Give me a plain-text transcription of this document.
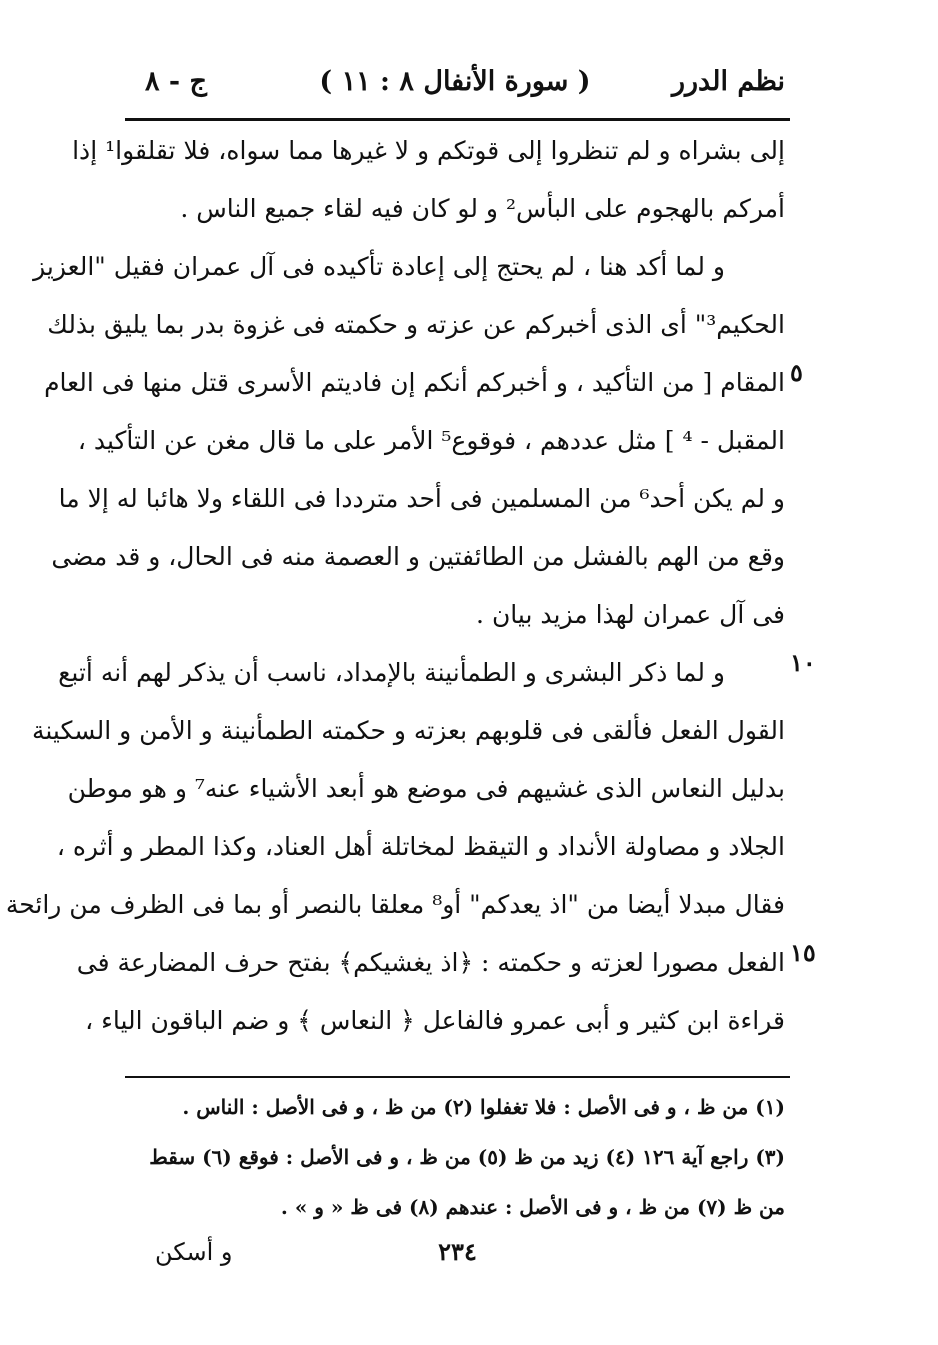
نظم الدرر
( سورة الأنفال ٨ : ١١ )
ج - ٨
إلى بشراه و لم تنظروا إلى قوتكم و لا غيرها مما سواه، فلا تقلقوا¹ إذا
أمركم بالهجوم على البأس² و لو كان فيه لقاء جميع الناس .
و لما أكد هنا ، لم يحتج إلى إعادة تأكيده فى آل عمران فقيل "العزيز
الحكيم³" أى الذى أخبركم عن عزته و حكمته فى غزوة بدر بما يليق بذلك
المقام [ من التأكيد ، و أخبركم أنكم إن فاديتم الأسرى قتل منها فى العام
المقبل - ⁴ ] مثل عددهم ، فوقوع⁵ الأمر على ما قال مغن عن التأكيد ،
و لم يكن أحد⁶ من المسلمين فى أحد مترددا فى اللقاء ولا هائبا له إلا ما
وقع من الهم بالفشل من الطائفتين و العصمة منه فى الحال، و قد مضى
فى آل عمران لهذا مزيد بيان .
و لما ذكر البشرى و الطمأنينة بالإمداد، ناسب أن يذكر لهم أنه أتبع
القول الفعل فألقى فى قلوبهم بعزته و حكمته الطمأنينة و الأمن و السكينة
بدليل النعاس الذى غشيهم فى موضع هو أبعد الأشياء عنه⁷ و هو موطن
الجلاد و مصاولة الأنداد و التيقظ لمخاتلة أهل العناد، وكذا المطر و أثره ،
فقال مبدلا أيضا من "اذ يعدكم" أو⁸ معلقا بالنصر أو بما فى الظرف من رائحة
الفعل مصورا لعزته و حكمته : ﴿اذ يغشيكم﴾ بفتح حرف المضارعة فى
قراءة ابن كثير و أبى عمرو فالفاعل ﴿ النعاس ﴾ و ضم الباقون الياء ،
٥
١٠
١٥
(١) من ظ ، و فى الأصل : فلا تغفلوا (٢) من ظ ، و فى الأصل : الناس .
(٣) راجع آية ١٢٦ (٤) زيد من ظ (٥) من ظ ، و فى الأصل : فوقع (٦) سقط
من ظ (٧) من ظ ، و فى الأصل : عندهم (٨) فى ظ « و » .
٢٣٤
و أسكن
